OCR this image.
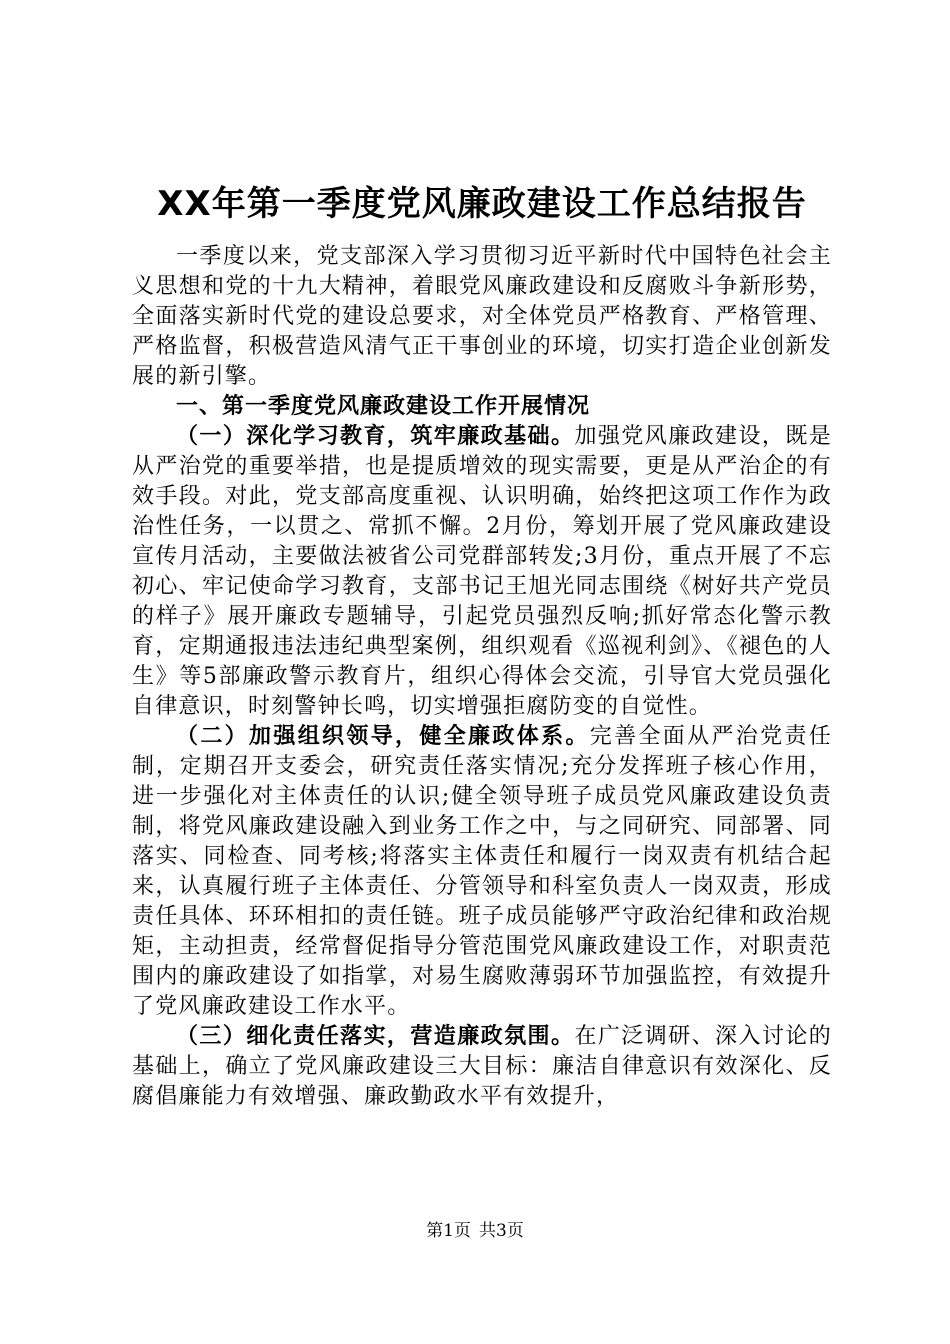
XX年第一季度党风廉政建设工作总结报告

一季度以来，党支部深入学习贯彻习近平新时代中国特色社会主义思想和党的十九大精神，着眼党风廉政建设和反腐败斗争新形势，全面落实新时代党的建设总要求，对全体党员严格教育、严格管理、严格监督，积极营造风清气正干事创业的环境，切实打造企业创新发展的新引擎。

一、第一季度党风廉政建设工作开展情况

（一）深化学习教育，筑牢廉政基础。加强党风廉政建设，既是从严治党的重要举措，也是提质增效的现实需要，更是从严治企的有效手段。对此，党支部高度重视、认识明确，始终把这项工作作为政治性任务，一以贯之、常抓不懈。2月份，筹划开展了党风廉政建设宣传月活动，主要做法被省公司党群部转发;3月份，重点开展了不忘初心、牢记使命学习教育，支部书记王旭光同志围绕《树好共产党员的样子》展开廉政专题辅导，引起党员强烈反响;抓好常态化警示教育，定期通报违法违纪典型案例，组织观看《巡视利剑》、《褪色的人生》等5部廉政警示教育片，组织心得体会交流，引导官大党员强化自律意识，时刻警钟长鸣，切实增强拒腐防变的自觉性。

（二）加强组织领导，健全廉政体系。完善全面从严治党责任制，定期召开支委会，研究责任落实情况;充分发挥班子核心作用，进一步强化对主体责任的认识;健全领导班子成员党风廉政建设负责制，将党风廉政建设融入到业务工作之中，与之同研究、同部署、同落实、同检查、同考核;将落实主体责任和履行一岗双责有机结合起来，认真履行班子主体责任、分管领导和科室负责人一岗双责，形成责任具体、环环相扣的责任链。班子成员能够严守政治纪律和政治规矩，主动担责，经常督促指导分管范围党风廉政建设工作，对职责范围内的廉政建设了如指掌，对易生腐败薄弱环节加强监控，有效提升了党风廉政建设工作水平。

（三）细化责任落实，营造廉政氛围。在广泛调研、深入讨论的基础上，确立了党风廉政建设三大目标：廉洁自律意识有效深化、反腐倡廉能力有效增强、廉政勤政水平有效提升，

第1页 共3页
